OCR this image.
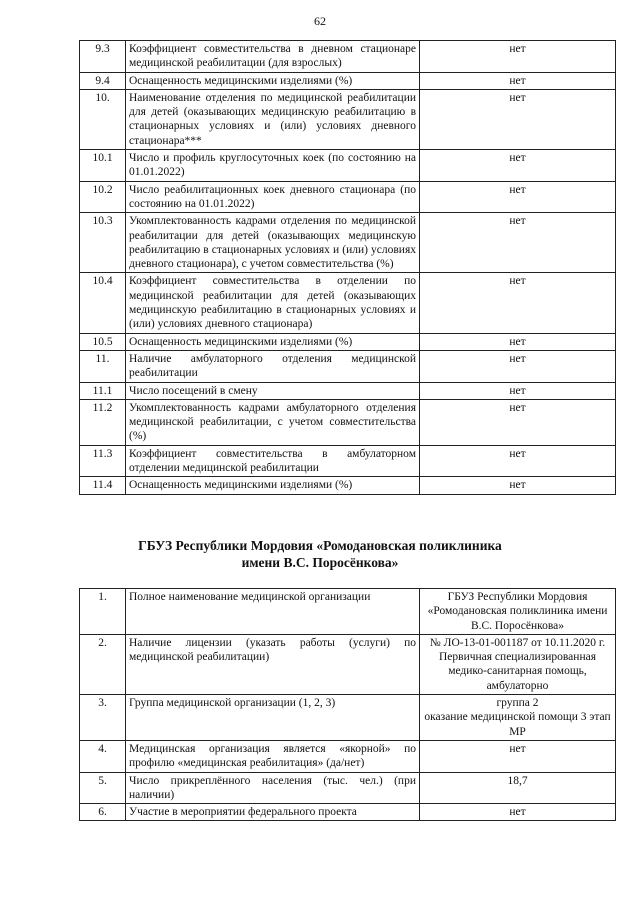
62
9.3	Коэффициент совместительства в дневном стационаре медицинской реабилитации (для взрослых)	нет
9.4	Оснащенность медицинскими изделиями (%)	нет
10.	Наименование отделения по медицинской реабилитации для детей (оказывающих медицинскую реабилитацию в стационарных условиях и (или) условиях дневного стационара***	нет
10.1	Число и профиль круглосуточных коек (по состоянию на 01.01.2022)	нет
10.2	Число реабилитационных коек дневного стационара (по состоянию на 01.01.2022)	нет
10.3	Укомплектованность кадрами отделения по медицинской реабилитации для детей (оказывающих медицинскую реабилитацию в стационарных условиях и (или) условиях дневного стационара), с учетом совместительства (%)	нет
10.4	Коэффициент совместительства в отделении по медицинской реабилитации для детей (оказывающих медицинскую реабилитацию в стационарных условиях и (или) условиях дневного стационара)	нет
10.5	Оснащенность медицинскими изделиями (%)	нет
11.	Наличие амбулаторного отделения медицинской реабилитации	нет
11.1	Число посещений в смену	нет
11.2	Укомплектованность кадрами амбулаторного отделения медицинской реабилитации, с учетом совместительства (%)	нет
11.3	Коэффициент совместительства в амбулаторном отделении медицинской реабилитации	нет
11.4	Оснащенность медицинскими изделиями (%)	нет
ГБУЗ Республики Мордовия «Ромодановская поликлиника
имени В.С. Поросёнкова»
1.	Полное наименование медицинской организации	ГБУЗ Республики Мордовия «Ромодановская поликлиника имени В.С. Поросёнкова»

2.	Наличие лицензии (указать работы (услуги) по медицинской реабилитации)	№ ЛО-13-01-001187 от 10.11.2020 г.
Первичная специализированная медико-санитарная помощь, амбулаторно

3.	Группа медицинской организации (1, 2, 3)	группа 2
оказание медицинской помощи 3 этап МР

4.	Медицинская организация является «якорной» по профилю «медицинская реабилитация» (да/нет)	нет

5.	Число прикреплённого населения (тыс. чел.) (при наличии)	18,7

6.	Участие в мероприятии федерального проекта	нет
